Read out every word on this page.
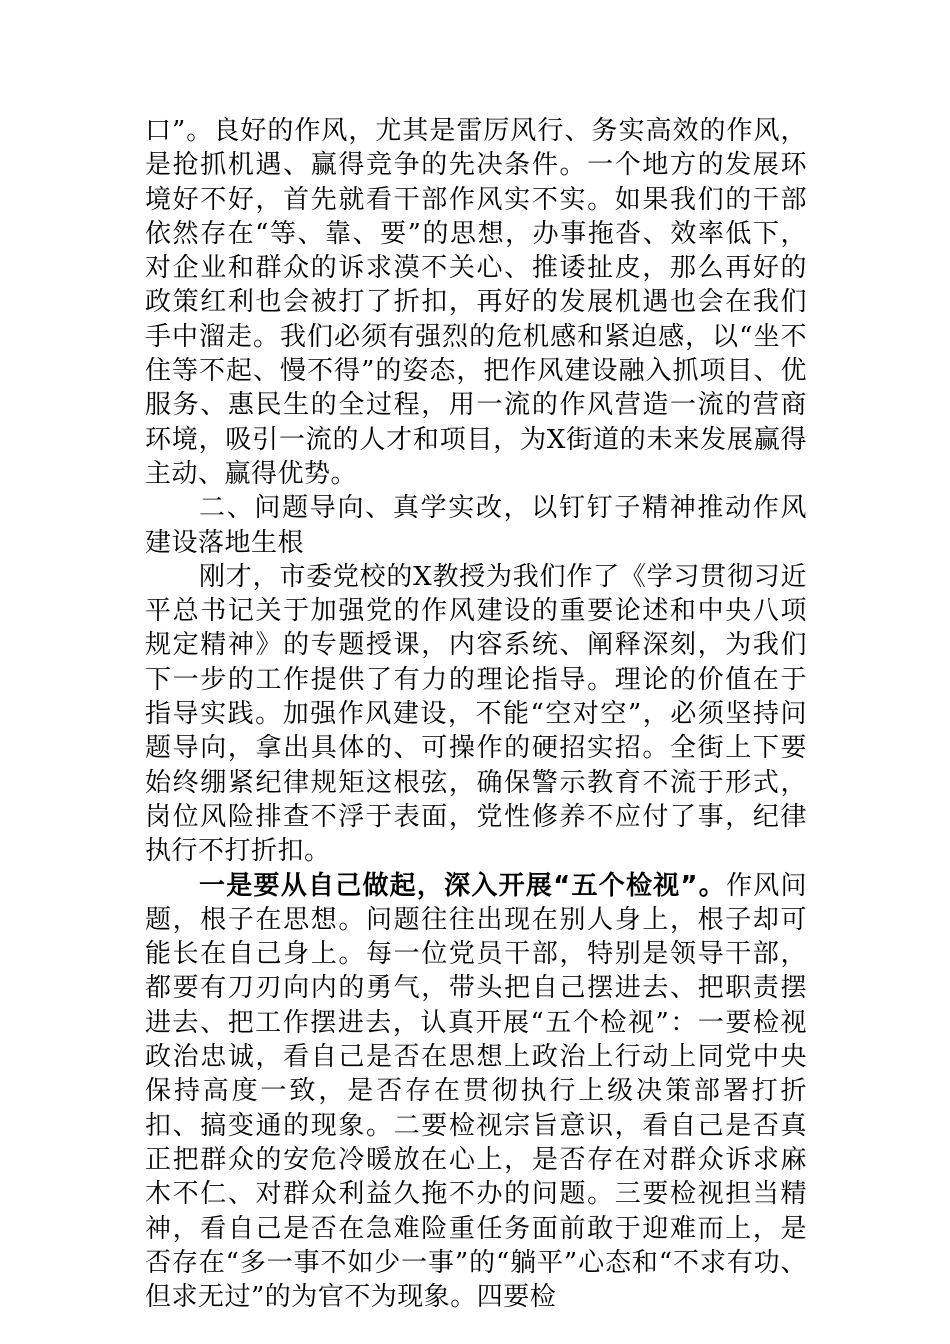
口”。良好的作风，尤其是雷厉风行、务实高效的作风，是抢抓机遇、赢得竞争的先决条件。一个地方的发展环境好不好，首先就看干部作风实不实。如果我们的干部依然存在“等、靠、要”的思想，办事拖沓、效率低下，对企业和群众的诉求漠不关心、推诿扯皮，那么再好的政策红利也会被打了折扣，再好的发展机遇也会在我们手中溜走。我们必须有强烈的危机感和紧迫感，以“坐不住等不起、慢不得”的姿态，把作风建设融入抓项目、优服务、惠民生的全过程，用一流的作风营造一流的营商环境，吸引一流的人才和项目，为X街道的未来发展赢得主动、赢得优势。

二、问题导向、真学实改，以钉钉子精神推动作风建设落地生根

刚才，市委党校的X教授为我们作了《学习贯彻习近平总书记关于加强党的作风建设的重要论述和中央八项规定精神》的专题授课，内容系统、阐释深刻，为我们下一步的工作提供了有力的理论指导。理论的价值在于指导实践。加强作风建设，不能“空对空”，必须坚持问题导向，拿出具体的、可操作的硬招实招。全街上下要始终绷紧纪律规矩这根弦，确保警示教育不流于形式，岗位风险排查不浮于表面，党性修养不应付了事，纪律执行不打折扣。

一是要从自己做起，深入开展“五个检视”。作风问题，根子在思想。问题往往出现在别人身上，根子却可能长在自己身上。每一位党员干部，特别是领导干部，都要有刀刃向内的勇气，带头把自己摆进去、把职责摆进去、把工作摆进去，认真开展“五个检视”：一要检视政治忠诚，看自己是否在思想上政治上行动上同党中央保持高度一致，是否存在贯彻执行上级决策部署打折扣、搞变通的现象。二要检视宗旨意识，看自己是否真正把群众的安危冷暖放在心上，是否存在对群众诉求麻木不仁、对群众利益久拖不办的问题。三要检视担当精神，看自己是否在急难险重任务面前敢于迎难而上，是否存在“多一事不如少一事”的“躺平”心态和“不求有功、但求无过”的为官不为现象。四要检
